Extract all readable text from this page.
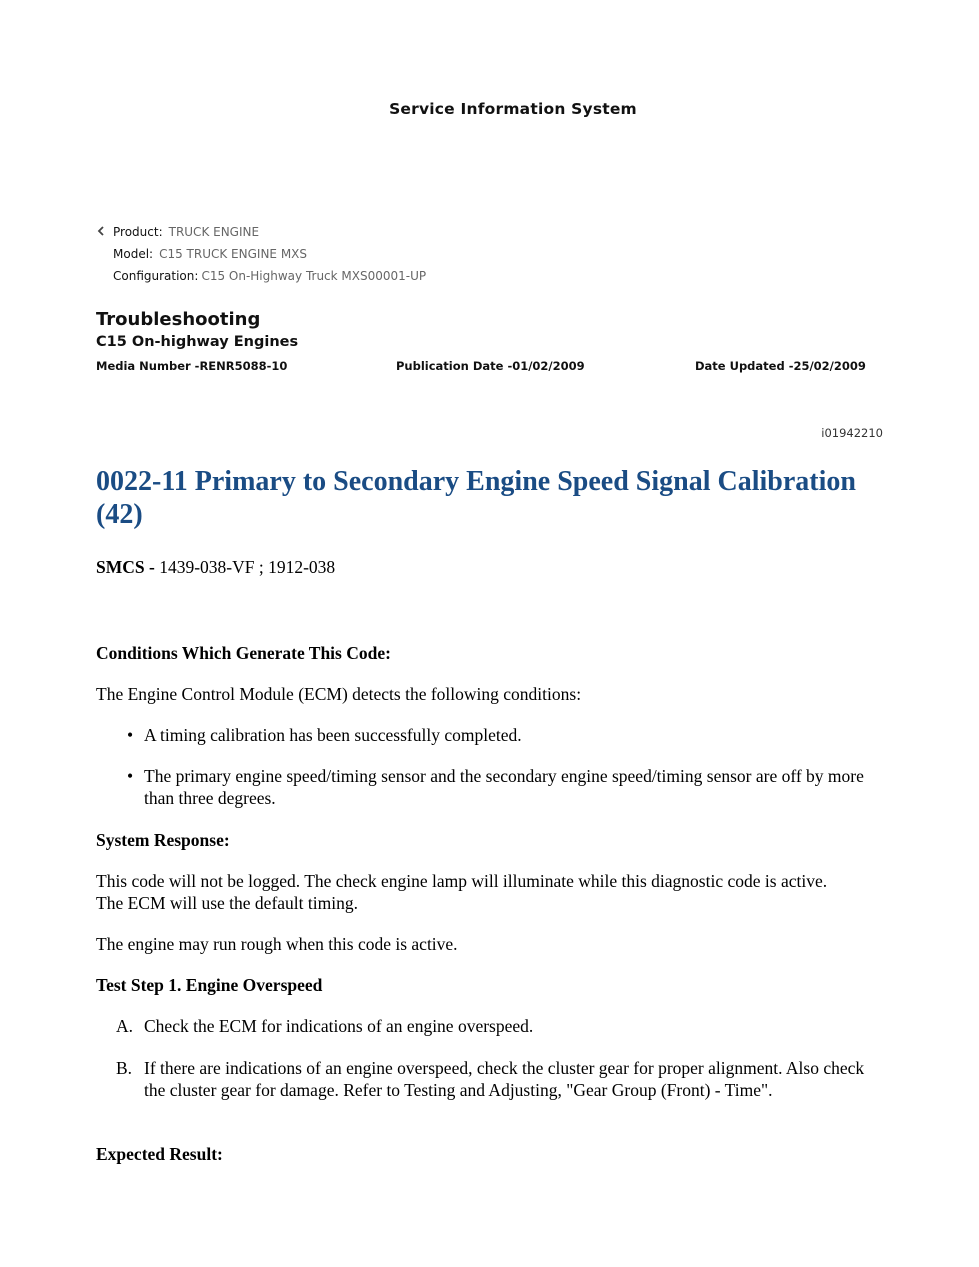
Service Information System
Product: TRUCK ENGINE
Model: C15 TRUCK ENGINE MXS
Configuration: C15 On-Highway Truck MXS00001-UP
Troubleshooting
C15 On-highway Engines
Media Number -RENR5088-10	Publication Date -01/02/2009	Date Updated -25/02/2009
i01942210
0022-11 Primary to Secondary Engine Speed Signal Calibration (42)
SMCS - 1439-038-VF ; 1912-038
Conditions Which Generate This Code:
The Engine Control Module (ECM) detects the following conditions:
• A timing calibration has been successfully completed.
• The primary engine speed/timing sensor and the secondary engine speed/timing sensor are off by more than three degrees.
System Response:
This code will not be logged. The check engine lamp will illuminate while this diagnostic code is active. The ECM will use the default timing.
The engine may run rough when this code is active.
Test Step 1. Engine Overspeed
A. Check the ECM for indications of an engine overspeed.
B. If there are indications of an engine overspeed, check the cluster gear for proper alignment. Also check the cluster gear for damage. Refer to Testing and Adjusting, "Gear Group (Front) - Time".
Expected Result:
